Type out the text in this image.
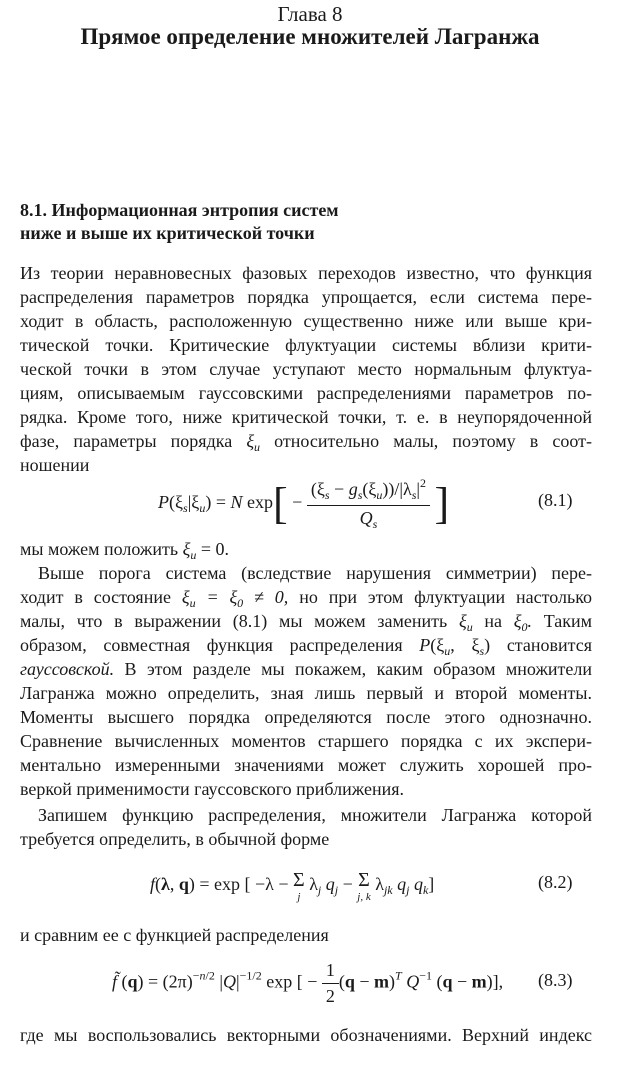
Глава 8
Прямое определение множителей Лагранжа
8.1. Информационная энтропия систем
ниже и выше их критической точки
Из теории неравновесных фазовых переходов известно, что функция
распределения параметров порядка упрощается, если система пере-
ходит в область, расположенную существенно ниже или выше кри-
тической точки. Критические флуктуации системы вблизи крити-
ческой точки в этом случае уступают место нормальным флуктуа-
циям, описываемым гауссовскими распределениями параметров по-
рядка. Кроме того, ниже критической точки, т. е. в неупорядоченной
фазе, параметры порядка $\xi_u$ относительно малы, поэтому в соот-
ношении
$P(\xi_s|\xi_u) = N$ $\exp[ - \frac{(\xi_s - g_s(\xi_u))/|\lambda_s|^2}{Q_s}$ ]	(8.1)
мы можем положить $\xi_u = 0$.
Выше порога система (вследствие нарушения симметрии) пере-
ходит в состояние $\xi_u = \xi_0 \ne 0$, но при этом флуктуации настолько
малы, что в выражении (8.1) мы можем заменить $\xi_u$ на $\xi_0$. Таким
образом, совместная функция распределения $P(\xi_u$, $\xi_s$) становится
гауссовской. В этом разделе мы покажем, каким образом множители
Лагранжа можно определить, зная лишь первый и второй моменты.
Моменты высшего порядка определяются после этого однозначно.
Сравнение вычисленных моментов старшего порядка с их экспери-
ментально измеренными значениями может служить хорошей про-
веркой применимости гауссовского приближения.
Запишем функцию распределения, множители Лагранжа которой
требуется определить, в обычной форме
f(λ, q) = exp [ −λ − Σ
j
$\lambda_j$ $q_j - \Sigma$
j, k
$\lambda_{jk}$ $q_j$ $q_k$]	(8.2)
и сравним ее с функцией распределения
f̃ $(q) = (2\pi)^{-n/2}$ $|Q|^{-1/2}$ exp [ − $\frac{1}{2} (q - m)^T$ $Q^{-1}$ (q − m)], (8.3)
где мы воспользовались векторными обозначениями. Верхний индекс
